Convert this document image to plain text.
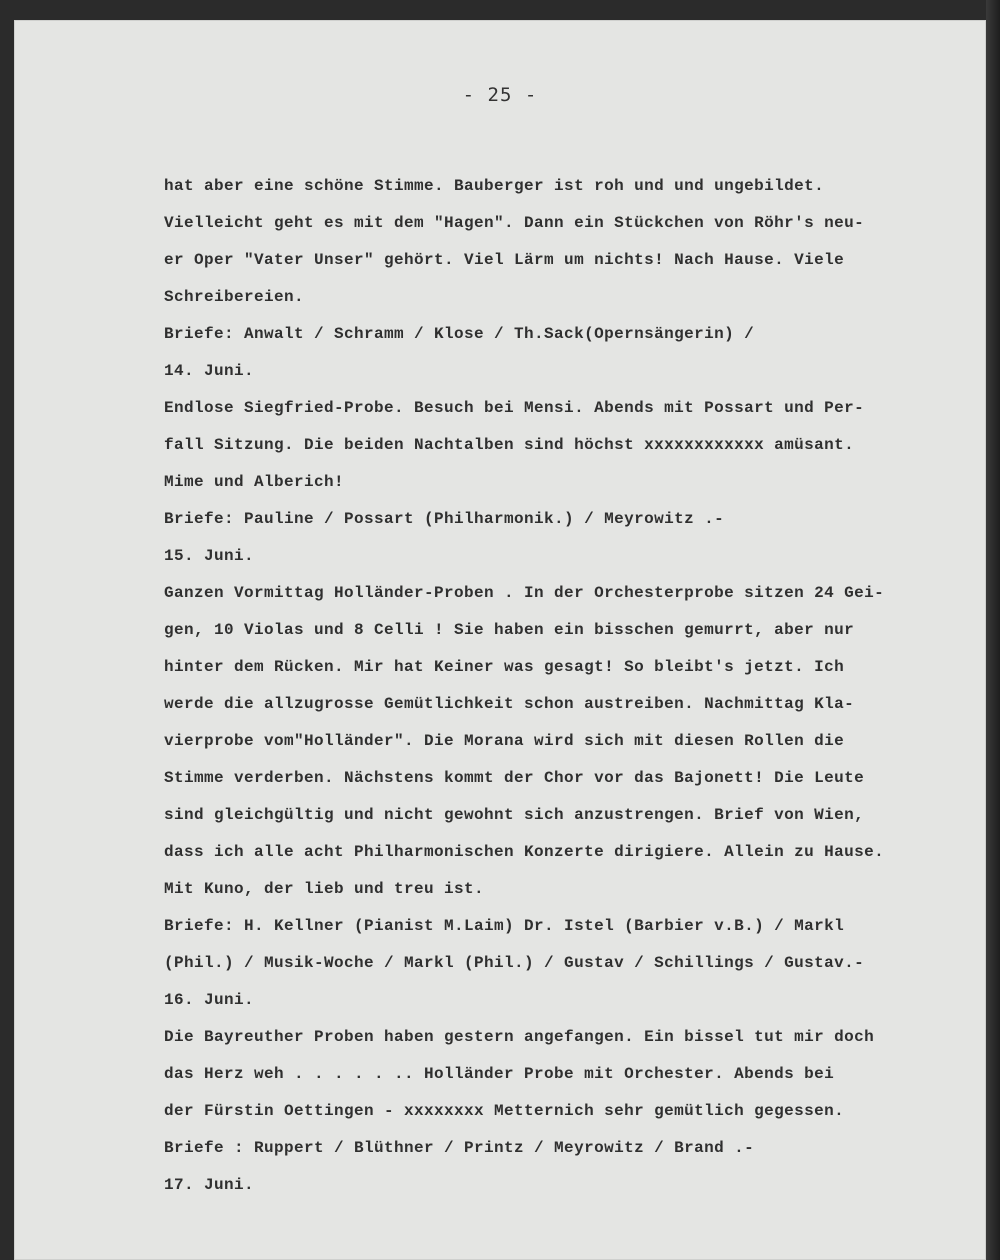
- 25 -
hat aber eine schöne Stimme. Bauberger ist roh und und ungebildet.
Vielleicht geht es mit dem "Hagen". Dann ein Stückchen von Röhr's neu-
er Oper "Vater Unser" gehört. Viel Lärm um nichts! Nach Hause. Viele
Schreibereien.
Briefe: Anwalt / Schramm / Klose / Th.Sack(Opernsängerin) /
14. Juni.
Endlose Siegfried-Probe. Besuch bei Mensi. Abends mit Possart und Per-
fall Sitzung. Die beiden Nachtalben sind höchst xxxxxxxxxxxx amüsant.
Mime und Alberich!
Briefe: Pauline / Possart (Philharmonik.) / Meyrowitz .-
15. Juni.
Ganzen Vormittag Holländer-Proben . In der Orchesterprobe sitzen 24 Gei-
gen, 10 Violas und 8 Celli ! Sie haben ein bisschen gemurrt, aber nur
hinter dem Rücken. Mir hat Keiner was gesagt! So bleibt's jetzt. Ich
werde die allzugrosse Gemütlichkeit schon austreiben. Nachmittag Kla-
vierprobe vom"Holländer". Die Morana wird sich mit diesen Rollen die
Stimme verderben. Nächstens kommt der Chor vor das Bajonett! Die Leute
sind gleichgültig und nicht gewohnt sich anzustrengen. Brief von Wien,
dass ich alle acht Philharmonischen Konzerte dirigiere. Allein zu Hause.
Mit Kuno, der lieb und treu ist.
Briefe: H. Kellner (Pianist M.Laim) Dr. Istel (Barbier v.B.) / Markl
(Phil.) / Musik-Woche / Markl (Phil.) / Gustav / Schillings / Gustav.-
16. Juni.
Die Bayreuther Proben haben gestern angefangen. Ein bissel tut mir doch
das Herz weh . . . . . .. Holländer Probe mit Orchester. Abends bei
der Fürstin Oettingen - xxxxxxxx Metternich sehr gemütlich gegessen.
Briefe : Ruppert / Blüthner / Printz / Meyrowitz / Brand .-
17. Juni.
